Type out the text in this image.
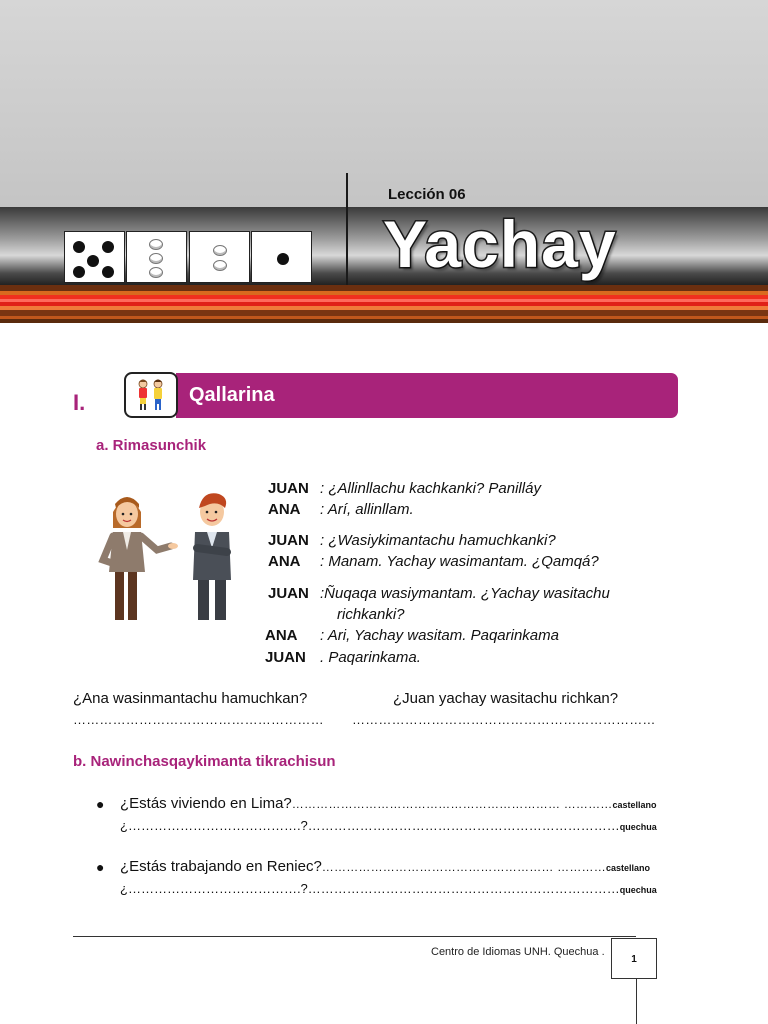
Lección 06
Yachay
I.	Qallarina
a. Rimasunchik
JUAN : ¿Allinllachu kachkanki? Panilláy
ANA : Arí, allinllam.
JUAN : ¿Wasiykimantachu hamuchkanki?
ANA : Manam. Yachay wasimantam. ¿Qamqá?
JUAN :Ñuqaqa wasiymantam. ¿Yachay wasitachu
richkanki?
ANA : Ari, Yachay wasitam. Paqarinkama
JUAN . Paqarinkama.
¿Ana wasinmantachu hamuchkan?
…………………………………………………
¿Juan yachay wasitachu richkan?
……………………………………………………………
b. Nawinchasqaykimanta tikrachisun
● ¿Estás viviendo en Lima?………………………………………………………… …………castellano
¿………………………………….?………………………………………………………………quechua
● ¿Estás trabajando en Reniec?………………………………………………… …………castellano
¿………………………………….?………………………………………………………………quechua
Centro de Idiomas UNH. Quechua .
1
